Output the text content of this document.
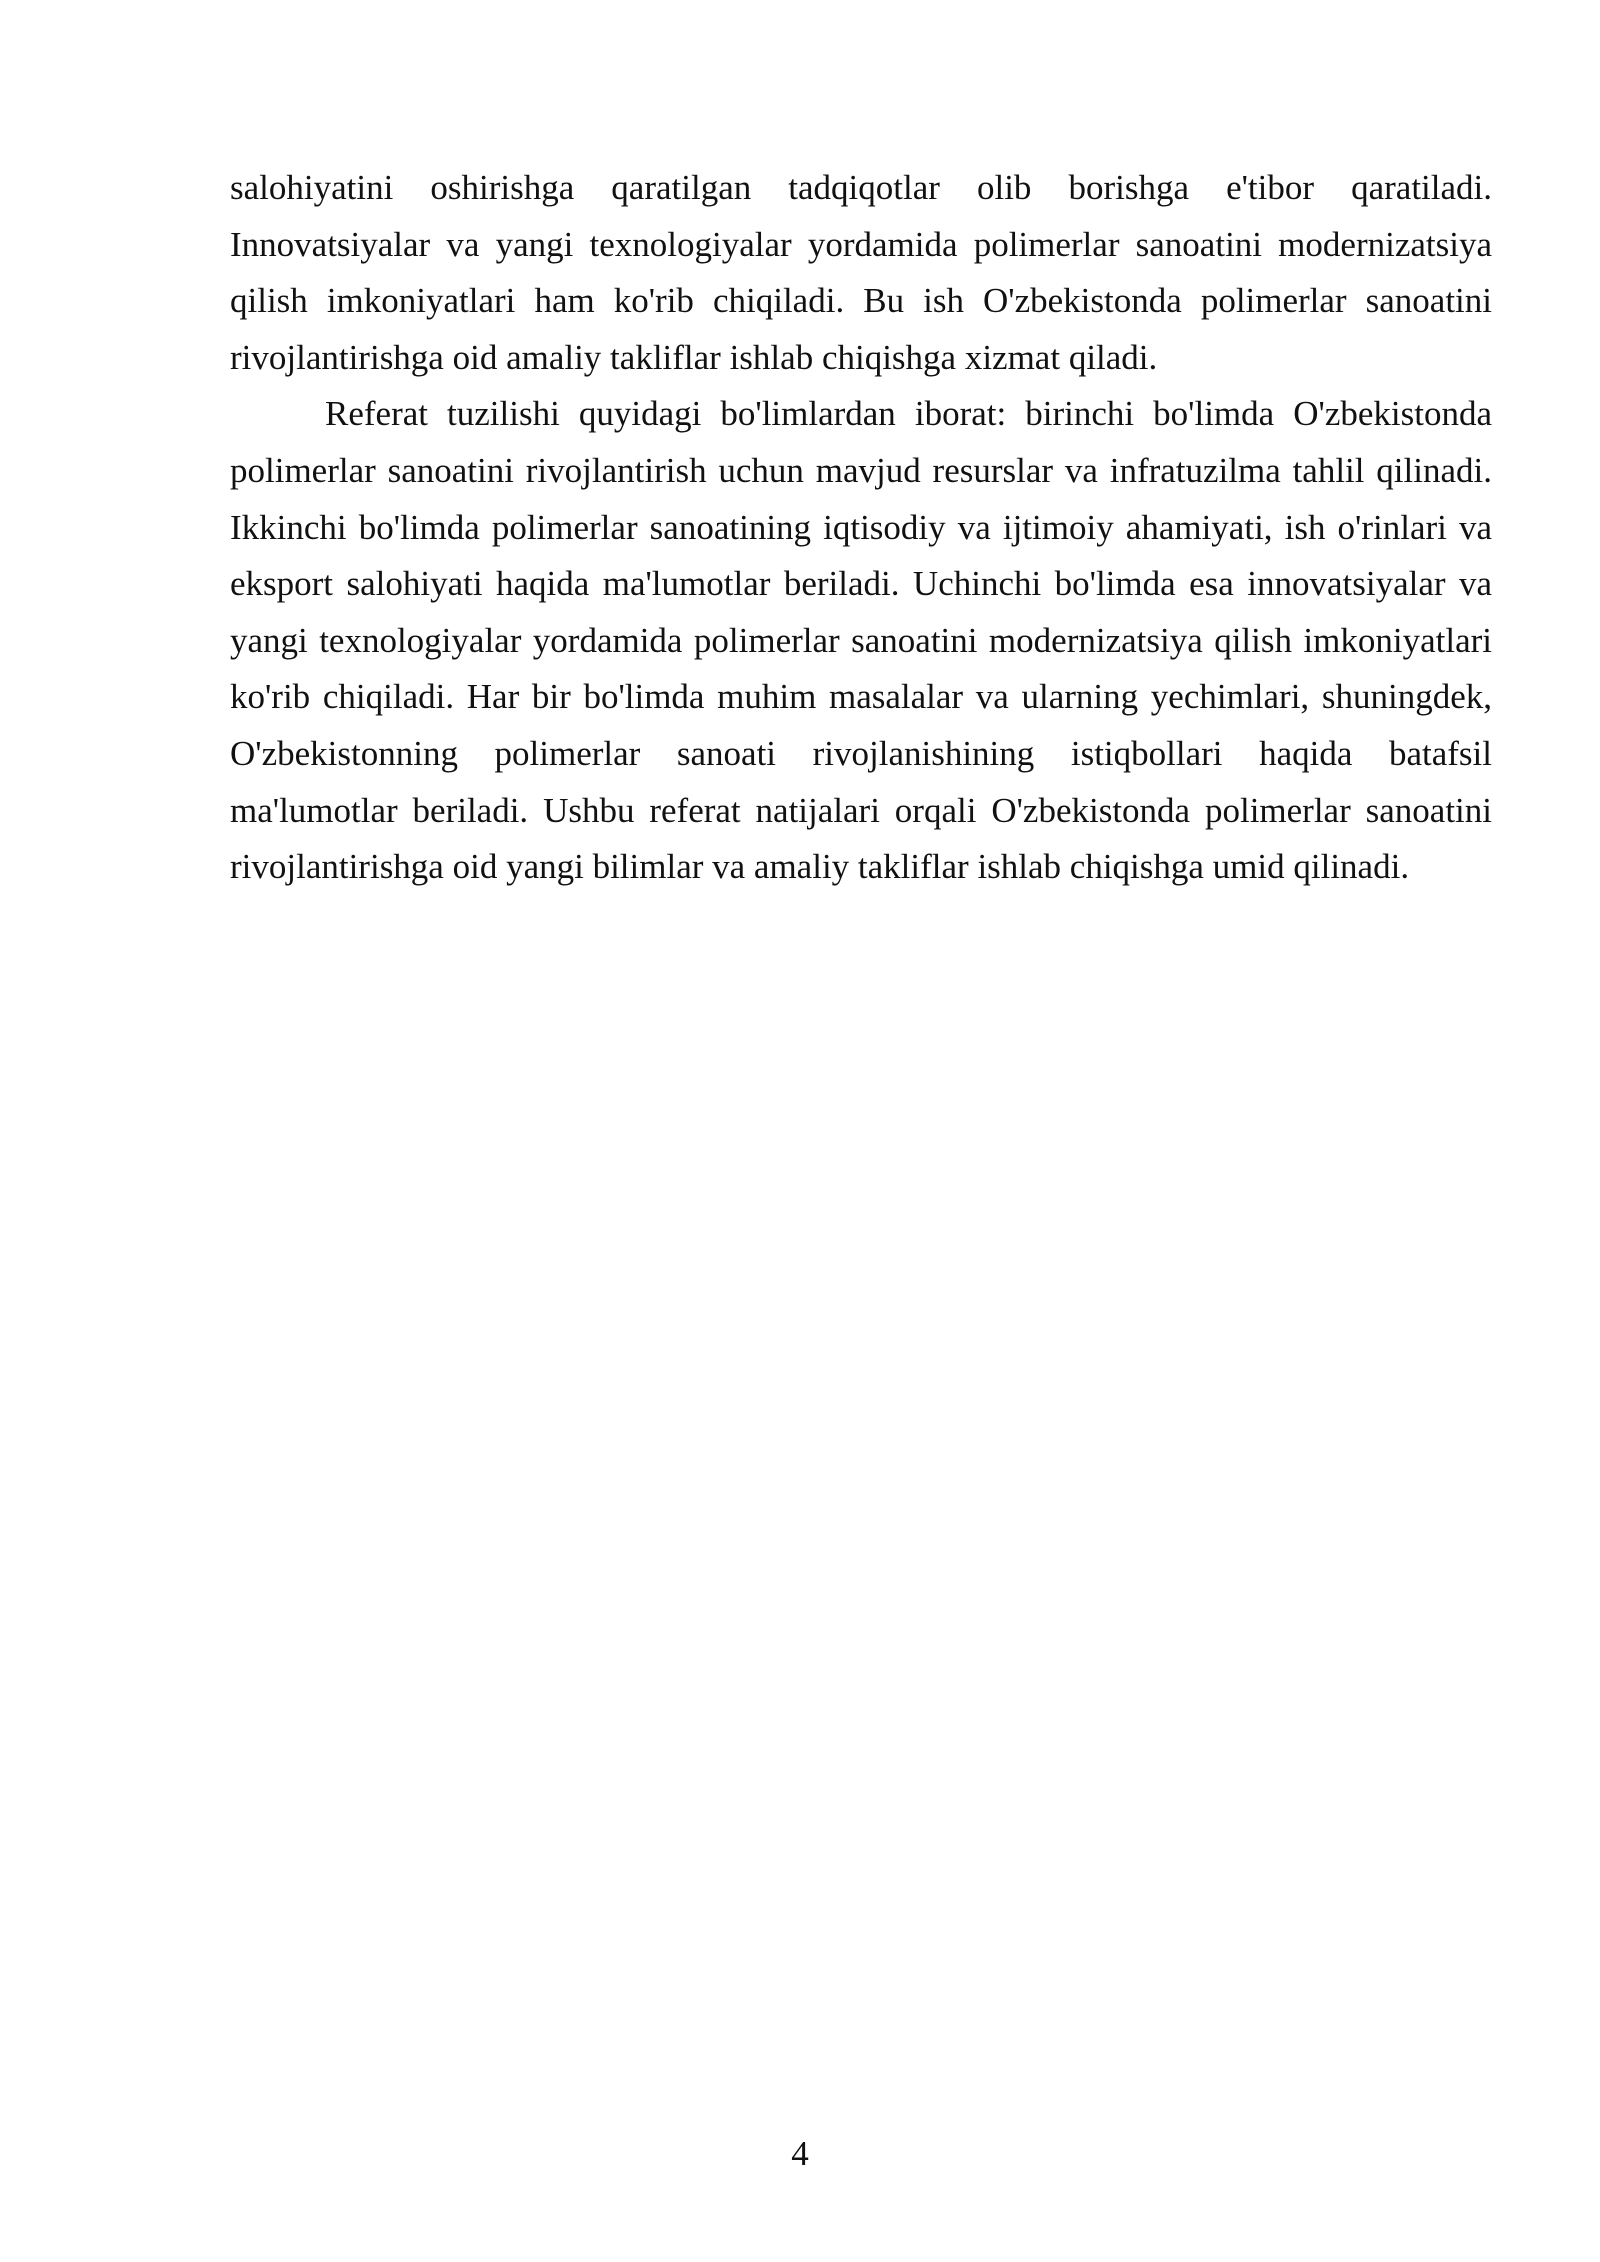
salohiyatini oshirishga qaratilgan tadqiqotlar olib borishga e'tibor qaratiladi. Innovatsiyalar va yangi texnologiyalar yordamida polimerlar sanoatini modernizatsiya qilish imkoniyatlari ham ko'rib chiqiladi. Bu ish O'zbekistonda polimerlar sanoatini rivojlantirishga oid amaliy takliflar ishlab chiqishga xizmat qiladi.

Referat tuzilishi quyidagi bo'limlardan iborat: birinchi bo'limda O'zbekistonda polimerlar sanoatini rivojlantirish uchun mavjud resurslar va infratuzilma tahlil qilinadi. Ikkinchi bo'limda polimerlar sanoatining iqtisodiy va ijtimoiy ahamiyati, ish o'rinlari va eksport salohiyati haqida ma'lumotlar beriladi. Uchinchi bo'limda esa innovatsiyalar va yangi texnologiyalar yordamida polimerlar sanoatini modernizatsiya qilish imkoniyatlari ko'rib chiqiladi. Har bir bo'limda muhim masalalar va ularning yechimlari, shuningdek, O'zbekistonning polimerlar sanoati rivojlanishining istiqbollari haqida batafsil ma'lumotlar beriladi. Ushbu referat natijalari orqali O'zbekistonda polimerlar sanoatini rivojlantirishga oid yangi bilimlar va amaliy takliflar ishlab chiqishga umid qilinadi.

4
